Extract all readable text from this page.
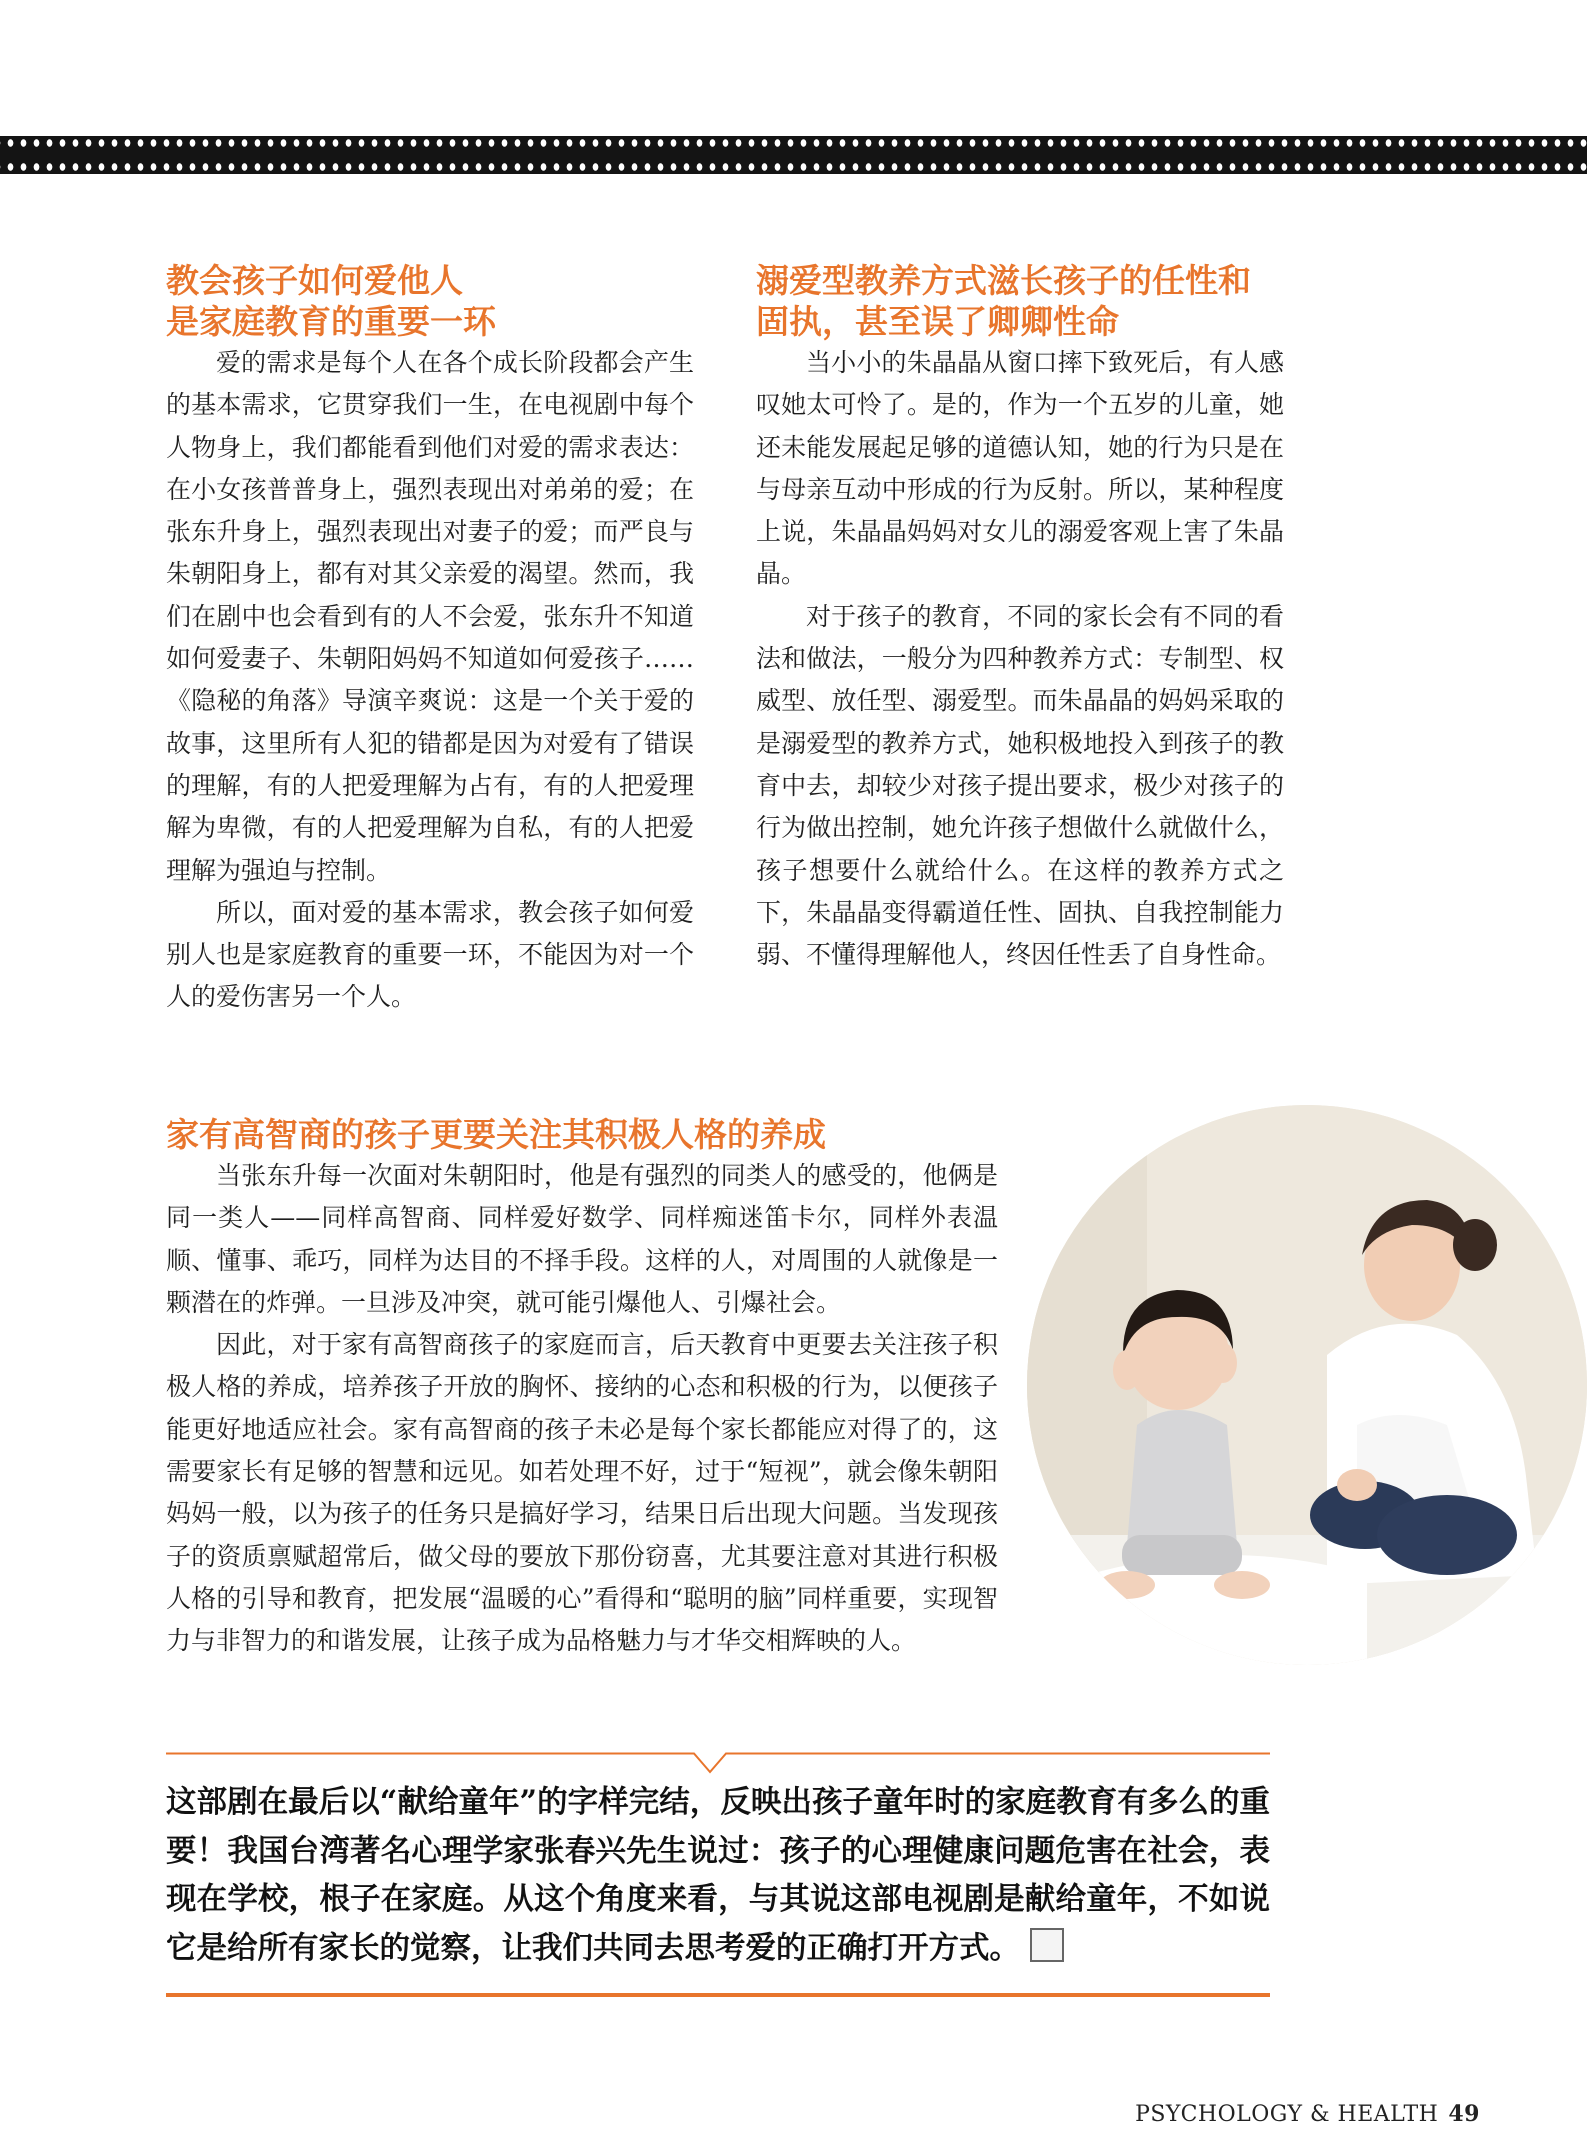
教会孩子如何爱他人
是家庭教育的重要一环

爱的需求是每个人在各个成长阶段都会产生的基本需求，它贯穿我们一生，在电视剧中每个人物身上，我们都能看到他们对爱的需求表达：在小女孩普普身上，强烈表现出对弟弟的爱；在张东升身上，强烈表现出对妻子的爱；而严良与朱朝阳身上，都有对其父亲爱的渴望。然而，我们在剧中也会看到有的人不会爱，张东升不知道如何爱妻子、朱朝阳妈妈不知道如何爱孩子……《隐秘的角落》导演辛爽说：这是一个关于爱的故事，这里所有人犯的错都是因为对爱有了错误的理解，有的人把爱理解为占有，有的人把爱理解为卑微，有的人把爱理解为自私，有的人把爱理解为强迫与控制。

所以，面对爱的基本需求，教会孩子如何爱别人也是家庭教育的重要一环，不能因为对一个人的爱伤害另一个人。

溺爱型教养方式滋长孩子的任性和
固执，甚至误了卿卿性命

当小小的朱晶晶从窗口摔下致死后，有人感叹她太可怜了。是的，作为一个五岁的儿童，她还未能发展起足够的道德认知，她的行为只是在与母亲互动中形成的行为反射。所以，某种程度上说，朱晶晶妈妈对女儿的溺爱客观上害了朱晶晶。

对于孩子的教育，不同的家长会有不同的看法和做法，一般分为四种教养方式：专制型、权威型、放任型、溺爱型。而朱晶晶的妈妈采取的是溺爱型的教养方式，她积极地投入到孩子的教育中去，却较少对孩子提出要求，极少对孩子的行为做出控制，她允许孩子想做什么就做什么，孩子想要什么就给什么。在这样的教养方式之下，朱晶晶变得霸道任性、固执、自我控制能力弱、不懂得理解他人，终因任性丢了自身性命。

家有高智商的孩子更要关注其积极人格的养成

当张东升每一次面对朱朝阳时，他是有强烈的同类人的感受的，他俩是同一类人——同样高智商、同样爱好数学、同样痴迷笛卡尔，同样外表温顺、懂事、乖巧，同样为达目的不择手段。这样的人，对周围的人就像是一颗潜在的炸弹。一旦涉及冲突，就可能引爆他人、引爆社会。

因此，对于家有高智商孩子的家庭而言，后天教育中更要去关注孩子积极人格的养成，培养孩子开放的胸怀、接纳的心态和积极的行为，以便孩子能更好地适应社会。家有高智商的孩子未必是每个家长都能应对得了的，这需要家长有足够的智慧和远见。如若处理不好，过于“短视”，就会像朱朝阳妈妈一般，以为孩子的任务只是搞好学习，结果日后出现大问题。当发现孩子的资质禀赋超常后，做父母的要放下那份窃喜，尤其要注意对其进行积极人格的引导和教育，把发展“温暖的心”看得和“聪明的脑”同样重要，实现智力与非智力的和谐发展，让孩子成为品格魅力与才华交相辉映的人。

这部剧在最后以“献给童年”的字样完结，反映出孩子童年时的家庭教育有多么的重要！我国台湾著名心理学家张春兴先生说过：孩子的心理健康问题危害在社会，表现在学校，根子在家庭。从这个角度来看，与其说这部电视剧是献给童年，不如说它是给所有家长的觉察，让我们共同去思考爱的正确打开方式。

PSYCHOLOGY & HEALTH 49
